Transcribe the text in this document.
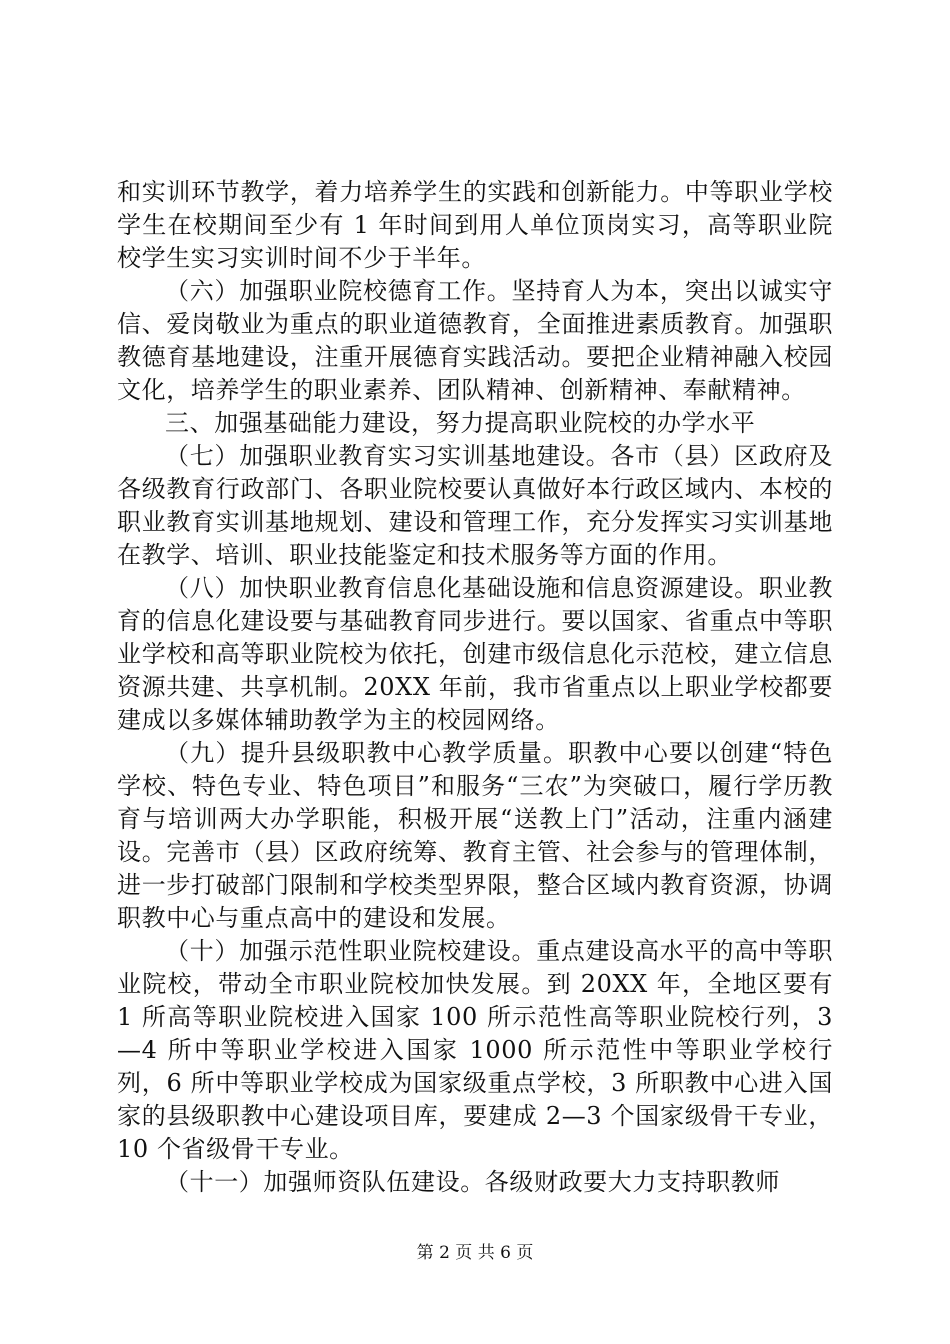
和实训环节教学，着力培养学生的实践和创新能力。中等职业学校学生在校期间至少有 1 年时间到用人单位顶岗实习，高等职业院校学生实习实训时间不少于半年。

（六）加强职业院校德育工作。坚持育人为本，突出以诚实守信、爱岗敬业为重点的职业道德教育，全面推进素质教育。加强职教德育基地建设，注重开展德育实践活动。要把企业精神融入校园文化，培养学生的职业素养、团队精神、创新精神、奉献精神。

三、加强基础能力建设，努力提高职业院校的办学水平

（七）加强职业教育实习实训基地建设。各市（县）区政府及各级教育行政部门、各职业院校要认真做好本行政区域内、本校的职业教育实训基地规划、建设和管理工作，充分发挥实习实训基地在教学、培训、职业技能鉴定和技术服务等方面的作用。

（八）加快职业教育信息化基础设施和信息资源建设。职业教育的信息化建设要与基础教育同步进行。要以国家、省重点中等职业学校和高等职业院校为依托，创建市级信息化示范校，建立信息资源共建、共享机制。20XX 年前，我市省重点以上职业学校都要建成以多媒体辅助教学为主的校园网络。

（九）提升县级职教中心教学质量。职教中心要以创建“特色学校、特色专业、特色项目”和服务“三农”为突破口，履行学历教育与培训两大办学职能，积极开展“送教上门”活动，注重内涵建设。完善市（县）区政府统筹、教育主管、社会参与的管理体制，进一步打破部门限制和学校类型界限，整合区域内教育资源，协调职教中心与重点高中的建设和发展。

（十）加强示范性职业院校建设。重点建设高水平的高中等职业院校，带动全市职业院校加快发展。到 20XX 年，全地区要有 1 所高等职业院校进入国家 100 所示范性高等职业院校行列，3—4 所中等职业学校进入国家 1000 所示范性中等职业学校行列，6 所中等职业学校成为国家级重点学校，3 所职教中心进入国家的县级职教中心建设项目库，要建成 2—3 个国家级骨干专业，10 个省级骨干专业。

（十一）加强师资队伍建设。各级财政要大力支持职教师

第 2 页 共 6 页
